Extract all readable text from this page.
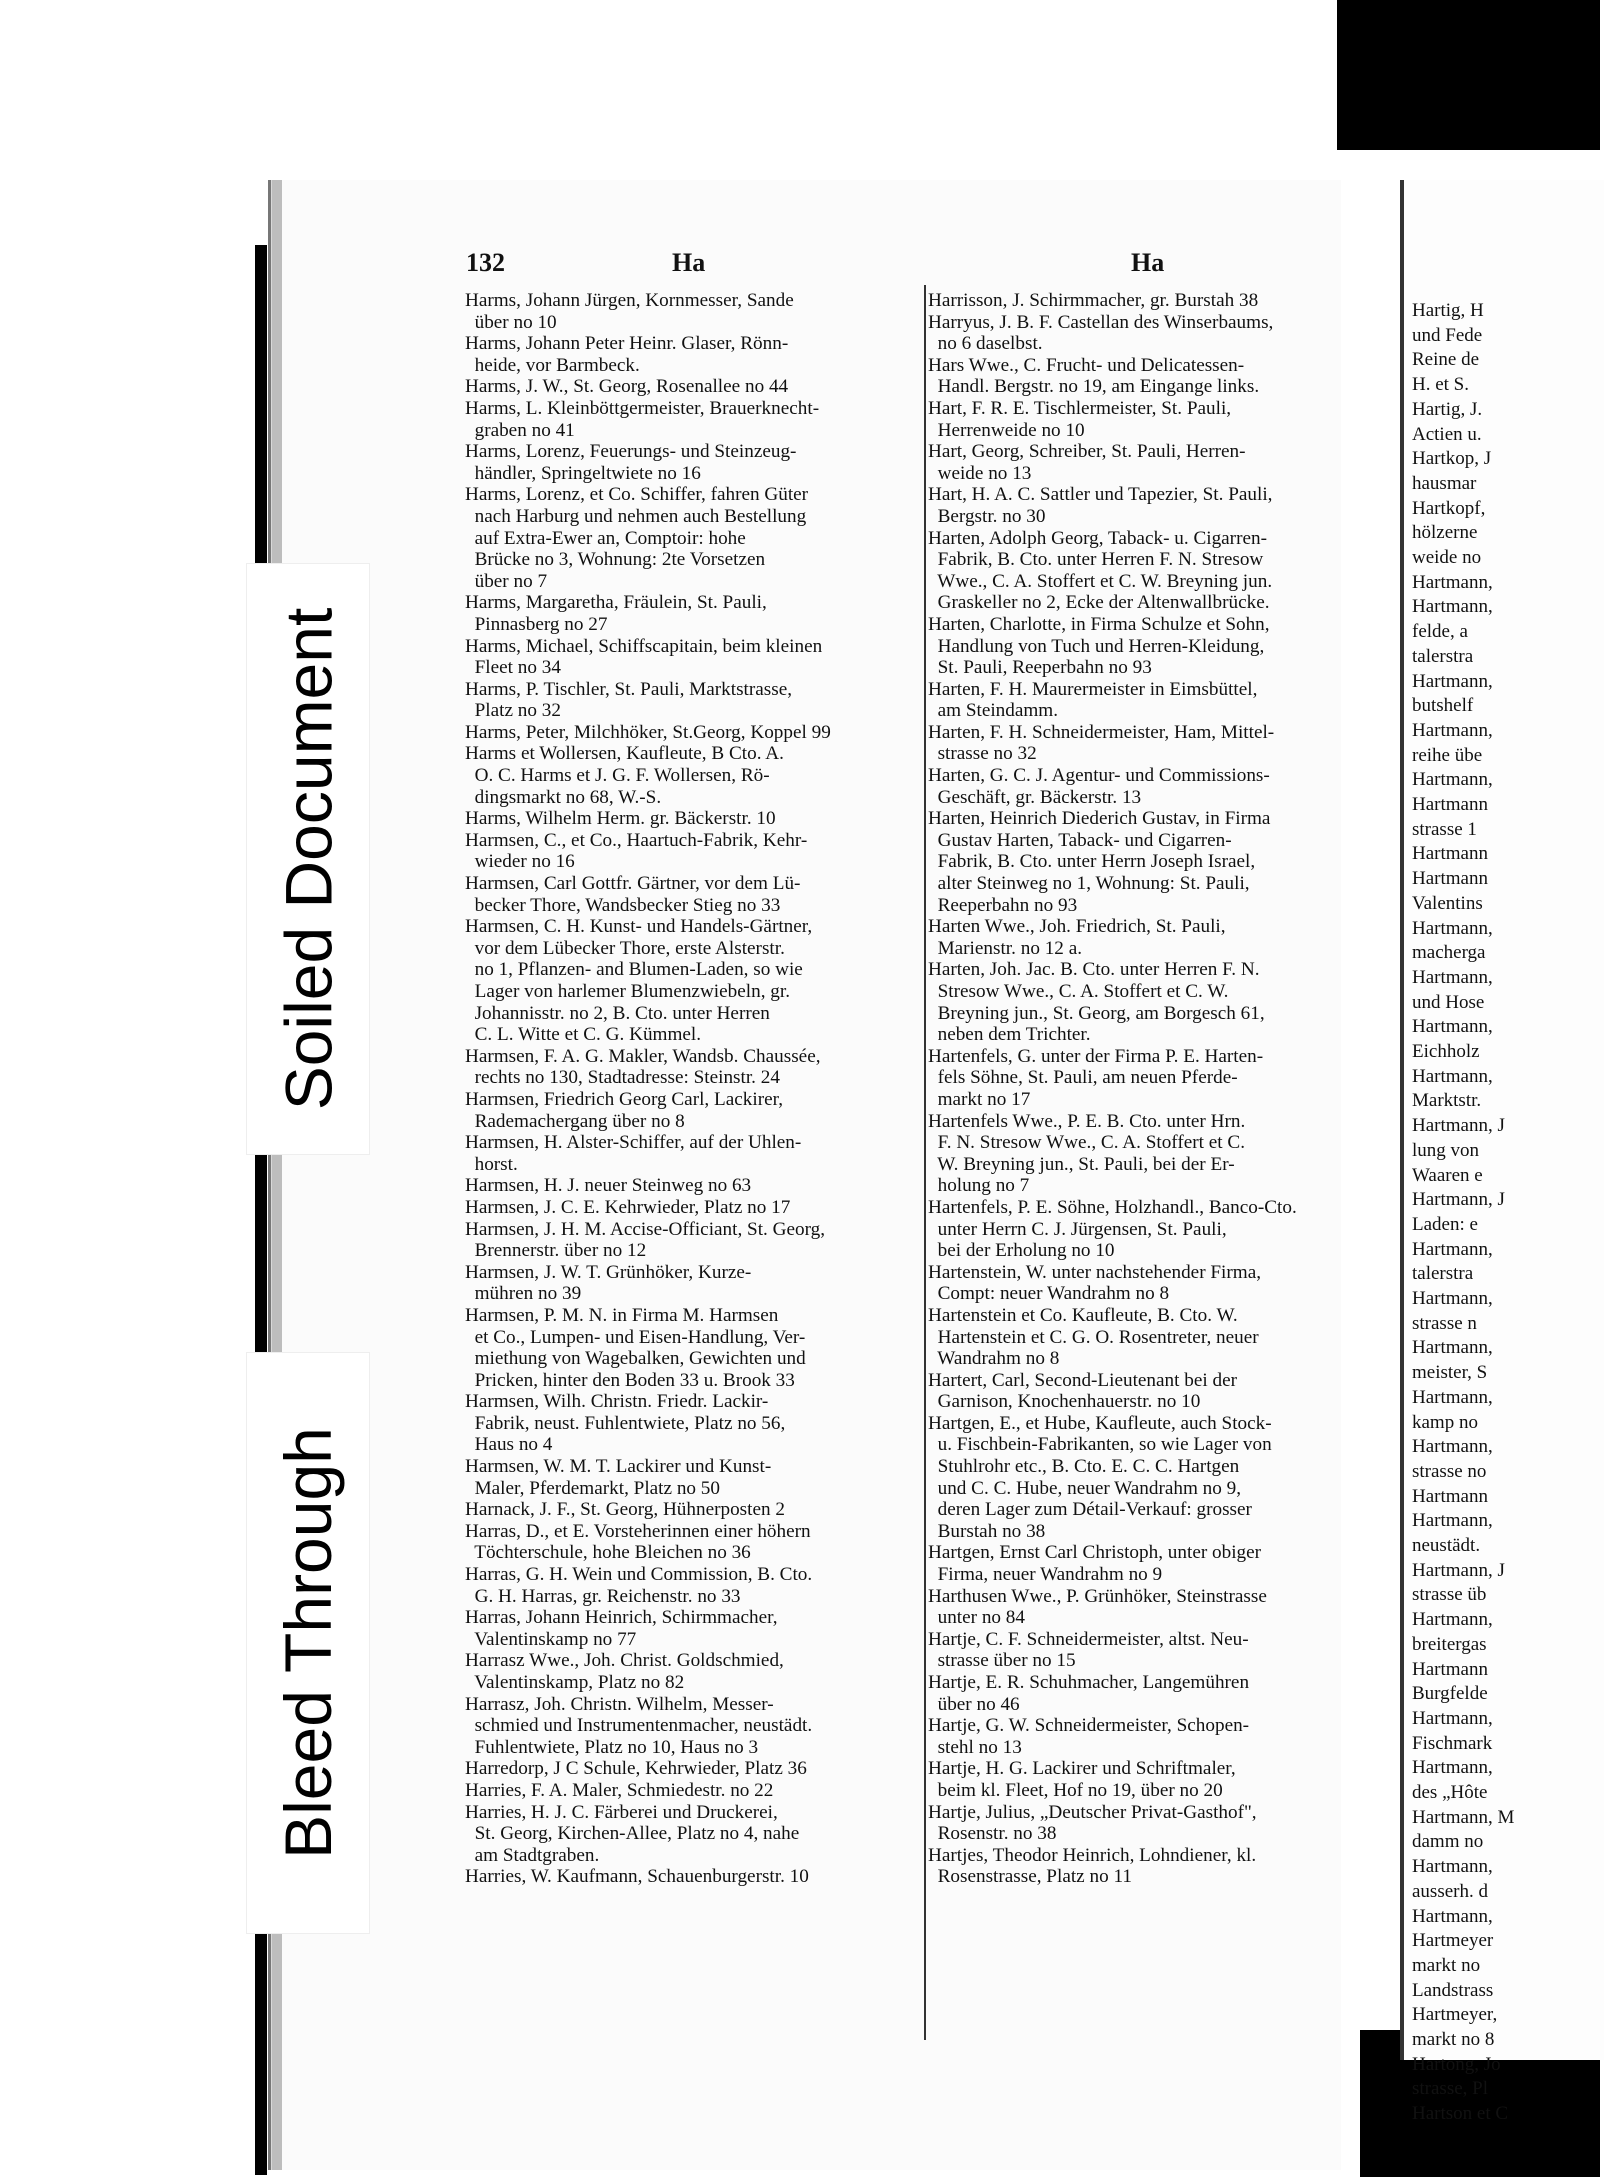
132	Ha	Ha
Harms, Johann Jürgen, Kornmesser, Sande
über no 10
Harms, Johann Peter Heinr. Glaser, Rönn-
heide, vor Barmbeck.
Harms, J. W., St. Georg, Rosenallee no 44
Harms, L. Kleinböttgermeister, Brauerknecht-
graben no 41
Harms, Lorenz, Feuerungs- und Steinzeug-
händler, Springeltwiete no 16
Harms, Lorenz, et Co. Schiffer, fahren Güter
nach Harburg und nehmen auch Bestellung
auf Extra-Ewer an, Comptoir: hohe
Brücke no 3, Wohnung: 2te Vorsetzen
über no 7
Harms, Margaretha, Fräulein, St. Pauli,
Pinnasberg no 27
Harms, Michael, Schiffscapitain, beim kleinen
Fleet no 34
Harms, P. Tischler, St. Pauli, Marktstrasse,
Platz no 32
Harms, Peter, Milchhöker, St.Georg, Koppel 99
Harms et Wollersen, Kaufleute, B Cto. A.
O. C. Harms et J. G. F. Wollersen, Rö-
dingsmarkt no 68, W.-S.
Harms, Wilhelm Herm. gr. Bäckerstr. 10
Harmsen, C., et Co., Haartuch-Fabrik, Kehr-
wieder no 16
Harmsen, Carl Gottfr. Gärtner, vor dem Lü-
becker Thore, Wandsbecker Stieg no 33
Harmsen, C. H. Kunst- und Handels-Gärtner,
vor dem Lübecker Thore, erste Alsterstr.
no 1, Pflanzen- and Blumen-Laden, so wie
Lager von harlemer Blumenzwiebeln, gr.
Johannisstr. no 2, B. Cto. unter Herren
C. L. Witte et C. G. Kümmel.
Harmsen, F. A. G. Makler, Wandsb. Chaussée,
rechts no 130, Stadtadresse: Steinstr. 24
Harmsen, Friedrich Georg Carl, Lackirer,
Rademachergang über no 8
Harmsen, H. Alster-Schiffer, auf der Uhlen-
horst.
Harmsen, H. J. neuer Steinweg no 63
Harmsen, J. C. E. Kehrwieder, Platz no 17
Harmsen, J. H. M. Accise-Officiant, St. Georg,
Brennerstr. über no 12
Harmsen, J. W. T. Grünhöker, Kurze-
mühren no 39
Harmsen, P. M. N. in Firma M. Harmsen
et Co., Lumpen- und Eisen-Handlung, Ver-
miethung von Wagebalken, Gewichten und
Pricken, hinter den Boden 33 u. Brook 33
Harmsen, Wilh. Christn. Friedr. Lackir-
Fabrik, neust. Fuhlentwiete, Platz no 56,
Haus no 4
Harmsen, W. M. T. Lackirer und Kunst-
Maler, Pferdemarkt, Platz no 50
Harnack, J. F., St. Georg, Hühnerposten 2
Harras, D., et E. Vorsteherinnen einer höhern
Töchterschule, hohe Bleichen no 36
Harras, G. H. Wein und Commission, B. Cto.
G. H. Harras, gr. Reichenstr. no 33
Harras, Johann Heinrich, Schirmmacher,
Valentinskamp no 77
Harrasz Wwe., Joh. Christ. Goldschmied,
Valentinskamp, Platz no 82
Harrasz, Joh. Christn. Wilhelm, Messer-
schmied und Instrumentenmacher, neustädt.
Fuhlentwiete, Platz no 10, Haus no 3
Harredorp, J C Schule, Kehrwieder, Platz 36
Harries, F. A. Maler, Schmiedestr. no 22
Harries, H. J. C. Färberei und Druckerei,
St. Georg, Kirchen-Allee, Platz no 4, nahe
am Stadtgraben.
Harries, W. Kaufmann, Schauenburgerstr. 10
Harrisson, J. Schirmmacher, gr. Burstah 38
Harryus, J. B. F. Castellan des Winserbaums,
no 6 daselbst.
Hars Wwe., C. Frucht- und Delicatessen-
Handl. Bergstr. no 19, am Eingange links.
Hart, F. R. E. Tischlermeister, St. Pauli,
Herrenweide no 10
Hart, Georg, Schreiber, St. Pauli, Herren-
weide no 13
Hart, H. A. C. Sattler und Tapezier, St. Pauli,
Bergstr. no 30
Harten, Adolph Georg, Taback- u. Cigarren-
Fabrik, B. Cto. unter Herren F. N. Stresow
Wwe., C. A. Stoffert et C. W. Breyning jun.
Graskeller no 2, Ecke der Altenwallbrücke.
Harten, Charlotte, in Firma Schulze et Sohn,
Handlung von Tuch und Herren-Kleidung,
St. Pauli, Reeperbahn no 93
Harten, F. H. Maurermeister in Eimsbüttel,
am Steindamm.
Harten, F. H. Schneidermeister, Ham, Mittel-
strasse no 32
Harten, G. C. J. Agentur- und Commissions-
Geschäft, gr. Bäckerstr. 13
Harten, Heinrich Diederich Gustav, in Firma
Gustav Harten, Taback- und Cigarren-
Fabrik, B. Cto. unter Herrn Joseph Israel,
alter Steinweg no 1, Wohnung: St. Pauli,
Reeperbahn no 93
Harten Wwe., Joh. Friedrich, St. Pauli,
Marienstr. no 12 a.
Harten, Joh. Jac. B. Cto. unter Herren F. N.
Stresow Wwe., C. A. Stoffert et C. W.
Breyning jun., St. Georg, am Borgesch 61,
neben dem Trichter.
Hartenfels, G. unter der Firma P. E. Harten-
fels Söhne, St. Pauli, am neuen Pferde-
markt no 17
Hartenfels Wwe., P. E. B. Cto. unter Hrn.
F. N. Stresow Wwe., C. A. Stoffert et C.
W. Breyning jun., St. Pauli, bei der Er-
holung no 7
Hartenfels, P. E. Söhne, Holzhandl., Banco-Cto.
unter Herrn C. J. Jürgensen, St. Pauli,
bei der Erholung no 10
Hartenstein, W. unter nachstehender Firma,
Compt: neuer Wandrahm no 8
Hartenstein et Co. Kaufleute, B. Cto. W.
Hartenstein et C. G. O. Rosentreter, neuer
Wandrahm no 8
Hartert, Carl, Second-Lieutenant bei der
Garnison, Knochenhauerstr. no 10
Hartgen, E., et Hube, Kaufleute, auch Stock-
u. Fischbein-Fabrikanten, so wie Lager von
Stuhlrohr etc., B. Cto. E. C. C. Hartgen
und C. C. Hube, neuer Wandrahm no 9,
deren Lager zum Détail-Verkauf: grosser
Burstah no 38
Hartgen, Ernst Carl Christoph, unter obiger
Firma, neuer Wandrahm no 9
Harthusen Wwe., P. Grünhöker, Steinstrasse
unter no 84
Hartje, C. F. Schneidermeister, altst. Neu-
strasse über no 15
Hartje, E. R. Schuhmacher, Langemühren
über no 46
Hartje, G. W. Schneidermeister, Schopen-
stehl no 13
Hartje, H. G. Lackirer und Schriftmaler,
beim kl. Fleet, Hof no 19, über no 20
Hartje, Julius, „Deutscher Privat-Gasthof",
Rosenstr. no 38
Hartjes, Theodor Heinrich, Lohndiener, kl.
Rosenstrasse, Platz no 11
Hartig, H
und Fede
Reine de
H. et S.
Hartig, J.
Actien u.
Hartkop, J
hausmar
Hartkopf,
hölzerne
weide no
Hartmann,
Hartmann,
felde, a
talerstra
Hartmann,
butshelf
Hartmann,
reihe übe
Hartmann,
Hartmann
strasse 1
Hartmann
Hartmann
Valentins
Hartmann,
macherga
Hartmann,
und Hose
Hartmann,
Eichholz
Hartmann,
Marktstr.
Hartmann, J
lung von
Waaren e
Hartmann, J
Laden: e
Hartmann,
talerstra
Hartmann,
strasse n
Hartmann,
meister, S
Hartmann,
kamp no
Hartmann,
strasse no
Hartmann
Hartmann,
neustädt.
Hartmann, J
strasse üb
Hartmann,
breitergas
Hartmann
Burgfelde
Hartmann,
Fischmark
Hartmann,
des „Hôte
Hartmann, M
damm no
Hartmann,
ausserh. d
Hartmann,
Hartmeyer
markt no
Landstrass
Hartmeyer,
markt no 8
Hartong, Jo
strasse, Pl
Hartson et C
Soiled Document
Bleed Through
